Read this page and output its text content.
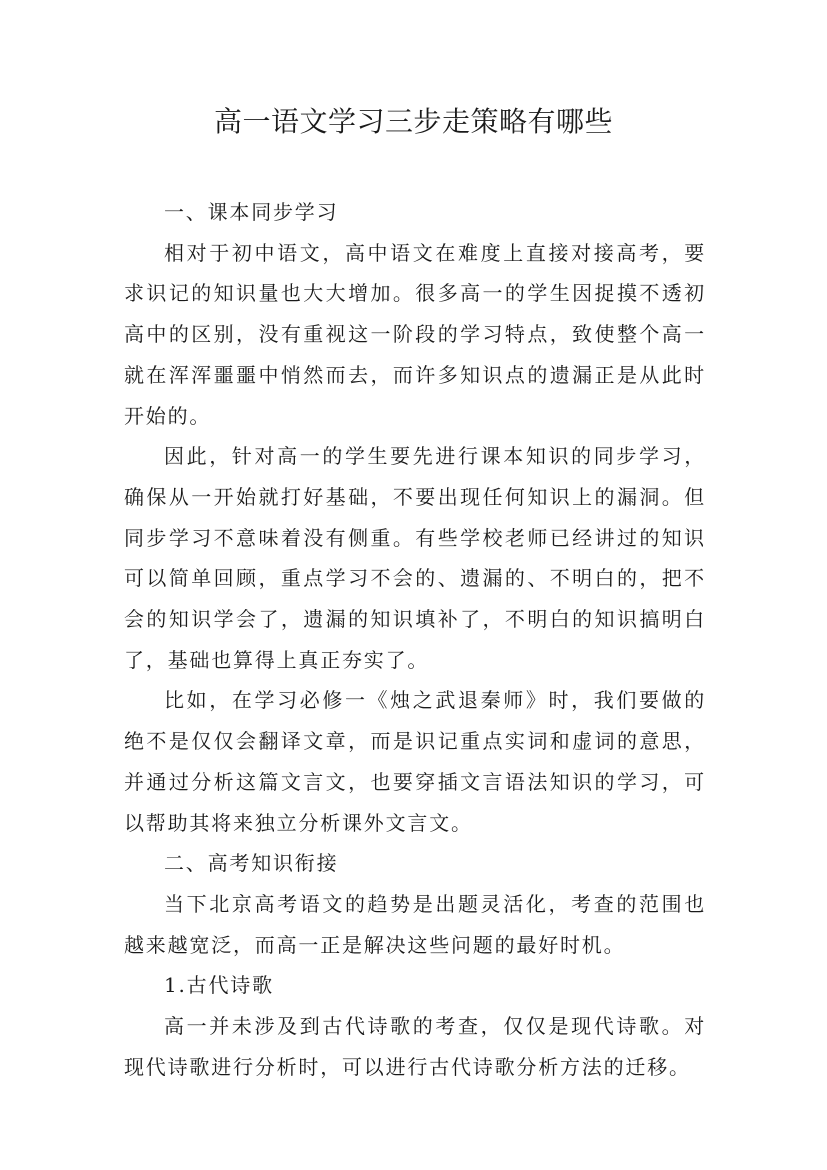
高一语文学习三步走策略有哪些

一、课本同步学习

相对于初中语文，高中语文在难度上直接对接高考，要求识记的知识量也大大增加。很多高一的学生因捉摸不透初高中的区别，没有重视这一阶段的学习特点，致使整个高一就在浑浑噩噩中悄然而去，而许多知识点的遗漏正是从此时开始的。

因此，针对高一的学生要先进行课本知识的同步学习，确保从一开始就打好基础，不要出现任何知识上的漏洞。但同步学习不意味着没有侧重。有些学校老师已经讲过的知识可以简单回顾，重点学习不会的、遗漏的、不明白的，把不会的知识学会了，遗漏的知识填补了，不明白的知识搞明白了，基础也算得上真正夯实了。

比如，在学习必修一《烛之武退秦师》时，我们要做的绝不是仅仅会翻译文章，而是识记重点实词和虚词的意思，并通过分析这篇文言文，也要穿插文言语法知识的学习，可以帮助其将来独立分析课外文言文。

二、高考知识衔接

当下北京高考语文的趋势是出题灵活化，考查的范围也越来越宽泛，而高一正是解决这些问题的最好时机。

1.古代诗歌

高一并未涉及到古代诗歌的考查，仅仅是现代诗歌。对现代诗歌进行分析时，可以进行古代诗歌分析方法的迁移。
